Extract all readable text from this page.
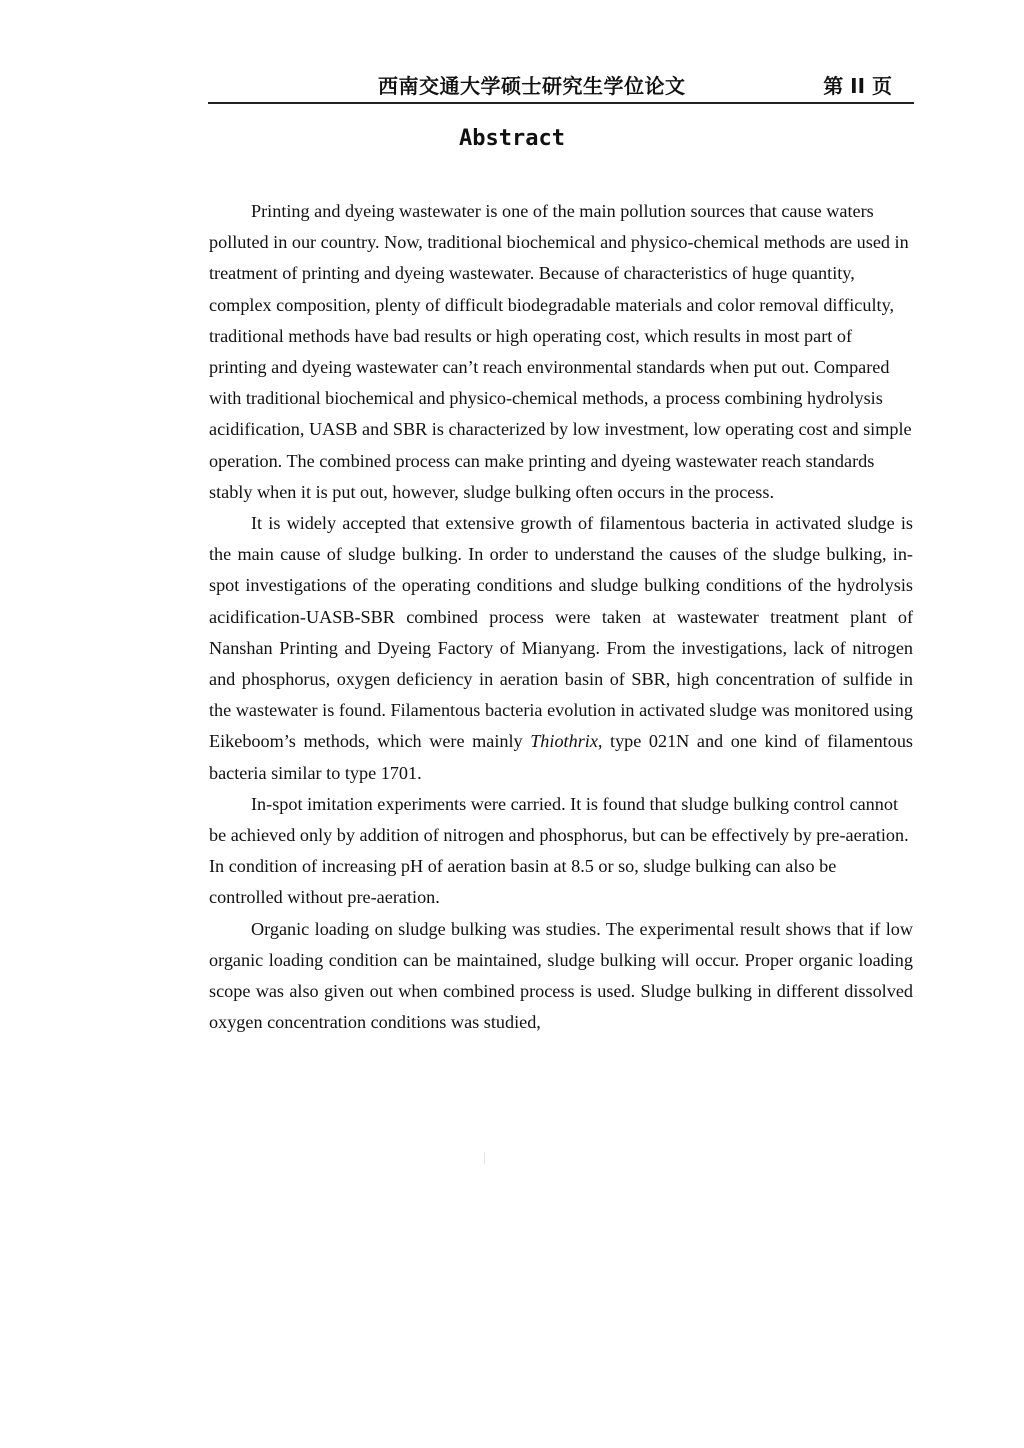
西南交通大学硕士研究生学位论文	第 II 页
Abstract

Printing and dyeing wastewater is one of the main pollution sources that cause waters polluted in our country. Now, traditional biochemical and physico-chemical methods are used in treatment of printing and dyeing wastewater. Because of characteristics of huge quantity, complex composition, plenty of difficult biodegradable materials and color removal difficulty, traditional methods have bad results or high operating cost, which results in most part of printing and dyeing wastewater can’t reach environmental standards when put out. Compared with traditional biochemical and physico-chemical methods, a process combining hydrolysis acidification, UASB and SBR is characterized by low investment, low operating cost and simple operation. The combined process can make printing and dyeing wastewater reach standards stably when it is put out, however, sludge bulking often occurs in the process.

It is widely accepted that extensive growth of filamentous bacteria in activated sludge is the main cause of sludge bulking. In order to understand the causes of the sludge bulking, in-spot investigations of the operating conditions and sludge bulking conditions of the hydrolysis acidification-UASB-SBR combined process were taken at wastewater treatment plant of Nanshan Printing and Dyeing Factory of Mianyang. From the investigations, lack of nitrogen and phosphorus, oxygen deficiency in aeration basin of SBR, high concentration of sulfide in the wastewater is found. Filamentous bacteria evolution in activated sludge was monitored using Eikeboom’s methods, which were mainly Thiothrix, type 021N and one kind of filamentous bacteria similar to type 1701.

In-spot imitation experiments were carried. It is found that sludge bulking control cannot be achieved only by addition of nitrogen and phosphorus, but can be effectively by pre-aeration. In condition of increasing pH of aeration basin at 8.5 or so, sludge bulking can also be controlled without pre-aeration.

Organic loading on sludge bulking was studies. The experimental result shows that if low organic loading condition can be maintained, sludge bulking will occur. Proper organic loading scope was also given out when combined process is used. Sludge bulking in different dissolved oxygen concentration conditions was studied,
